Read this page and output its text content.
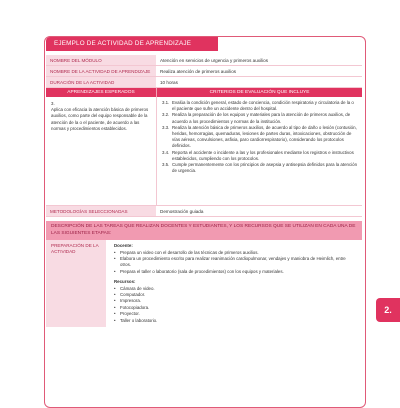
EJEMPLO DE ACTIVIDAD DE APRENDIZAJE
NOMBRE DEL MÓDULO	Atención en servicios de urgencia y primeros auxilios
NOMBRE DE LA ACTIVIDAD DE APRENDIZAJE	Realiza atención de primeros auxilios
DURACIÓN DE LA ACTIVIDAD	10 horas
APRENDIZAJES ESPERADOS	CRITERIOS DE EVALUACIÓN QUE INCLUYE
3.
Aplica con eficacia la atención básica de primeros auxilios, como parte del equipo responsable de la atención de la o el paciente, de acuerdo a las normas y procedimientos establecidos.
3.1. Evalúa la condición general, estado de conciencia, condición respiratoria y circulatoria de la o el paciente que sufre un accidente dentro del hospital.
3.2. Realiza la preparación de los equipos y materiales para la atención de primeros auxilios, de acuerdo a los procedimientos y normas de la institución.
3.3. Realiza la atención básica de primeros auxilios, de acuerdo al tipo de daño o lesión (contusión, heridas, hemorragias, quemaduras, lesiones de partes duras, intoxicaciones, obstrucción de vías aéreas, convulsiones, asfixia, paro cardiorrespiratorio), considerando los protocolos definidos.
3.4. Reporta el accidente o incidente a las y los profesionales mediante los registros e instructivos establecidos, cumpliendo con los protocolos.
3.5. Cumple permanentemente con los principios de asepsia y antisepsia definidos para la atención de urgencia.
METODOLOGÍAS SELECCIONADAS	Demostración guiada
DESCRIPCIÓN DE LAS TAREAS QUE REALIZAN DOCENTES Y ESTUDIANTES, Y LOS RECURSOS QUE SE UTILIZAN EN CADA UNA DE LAS SIGUIENTES ETAPAS:
PREPARACIÓN DE LA ACTIVIDAD
Docente:
•	Prepara un video con el desarrollo de las técnicas de primeros auxilios.
•	Elabora un procedimiento escrito para realizar reanimación cardiopulmonar, vendajes y maniobra de Heimlich, entre otros.
•	Prepara el taller o laboratorio (sala de procedimientos) con los equipos y materiales.
Recursos:
•	Cámara de video.
•	Computador.
•	Impresora.
•	Fotocopiadora.
•	Proyector.
•	Taller o laboratorio.
2.
